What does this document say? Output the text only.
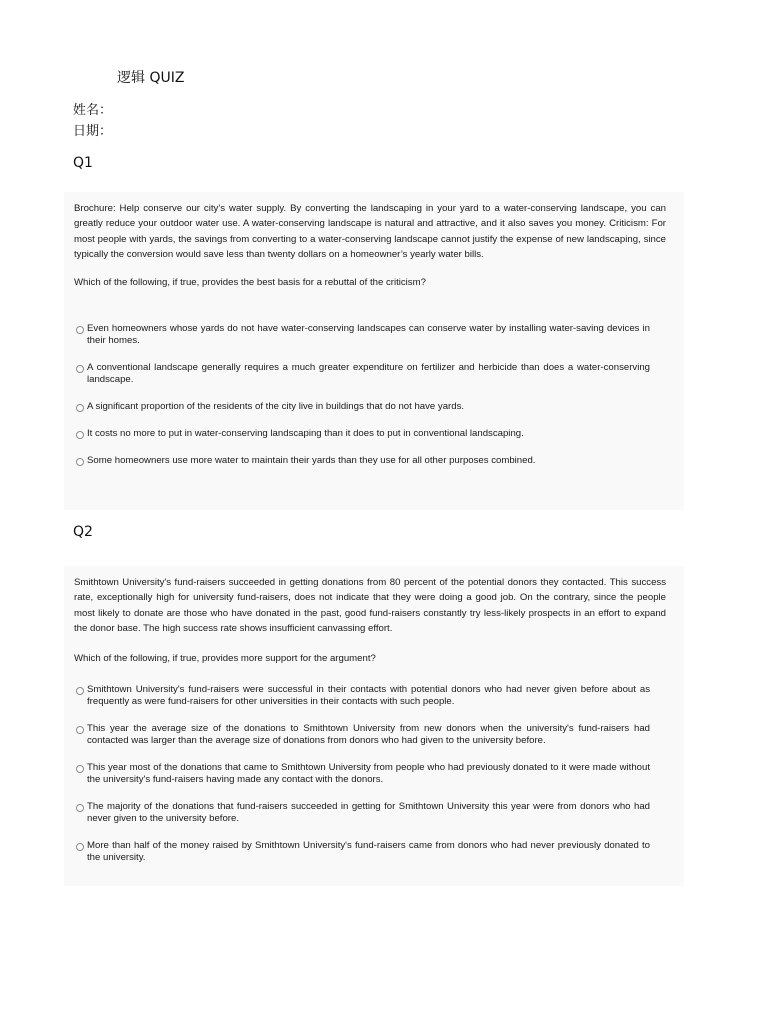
逻辑 QUIZ
姓名：
日期：
Q1

Brochure: Help conserve our city’s water supply. By converting the landscaping in your yard to a water-conserving landscape, you can greatly reduce your outdoor water use. A water-conserving landscape is natural and attractive, and it also saves you money. Criticism: For most people with yards, the savings from converting to a water-conserving landscape cannot justify the expense of new landscaping, since typically the conversion would save less than twenty dollars on a homeowner’s yearly water bills.

Which of the following, if true, provides the best basis for a rebuttal of the criticism?

Even homeowners whose yards do not have water-conserving landscapes can conserve water by installing water-saving devices in their homes.
A conventional landscape generally requires a much greater expenditure on fertilizer and herbicide than does a water-conserving landscape.
A significant proportion of the residents of the city live in buildings that do not have yards.
It costs no more to put in water-conserving landscaping than it does to put in conventional landscaping.
Some homeowners use more water to maintain their yards than they use for all other purposes combined.
Q2

Smithtown University's fund-raisers succeeded in getting donations from 80 percent of the potential donors they contacted. This success rate, exceptionally high for university fund-raisers, does not indicate that they were doing a good job. On the contrary, since the people most likely to donate are those who have donated in the past, good fund-raisers constantly try less-likely prospects in an effort to expand the donor base. The high success rate shows insufficient canvassing effort.

Which of the following, if true, provides more support for the argument?

Smithtown University's fund-raisers were successful in their contacts with potential donors who had never given before about as frequently as were fund-raisers for other universities in their contacts with such people.
This year the average size of the donations to Smithtown University from new donors when the university's fund-raisers had contacted was larger than the average size of donations from donors who had given to the university before.
This year most of the donations that came to Smithtown University from people who had previously donated to it were made without the university's fund-raisers having made any contact with the donors.
The majority of the donations that fund-raisers succeeded in getting for Smithtown University this year were from donors who had never given to the university before.
More than half of the money raised by Smithtown University's fund-raisers came from donors who had never previously donated to the university.
